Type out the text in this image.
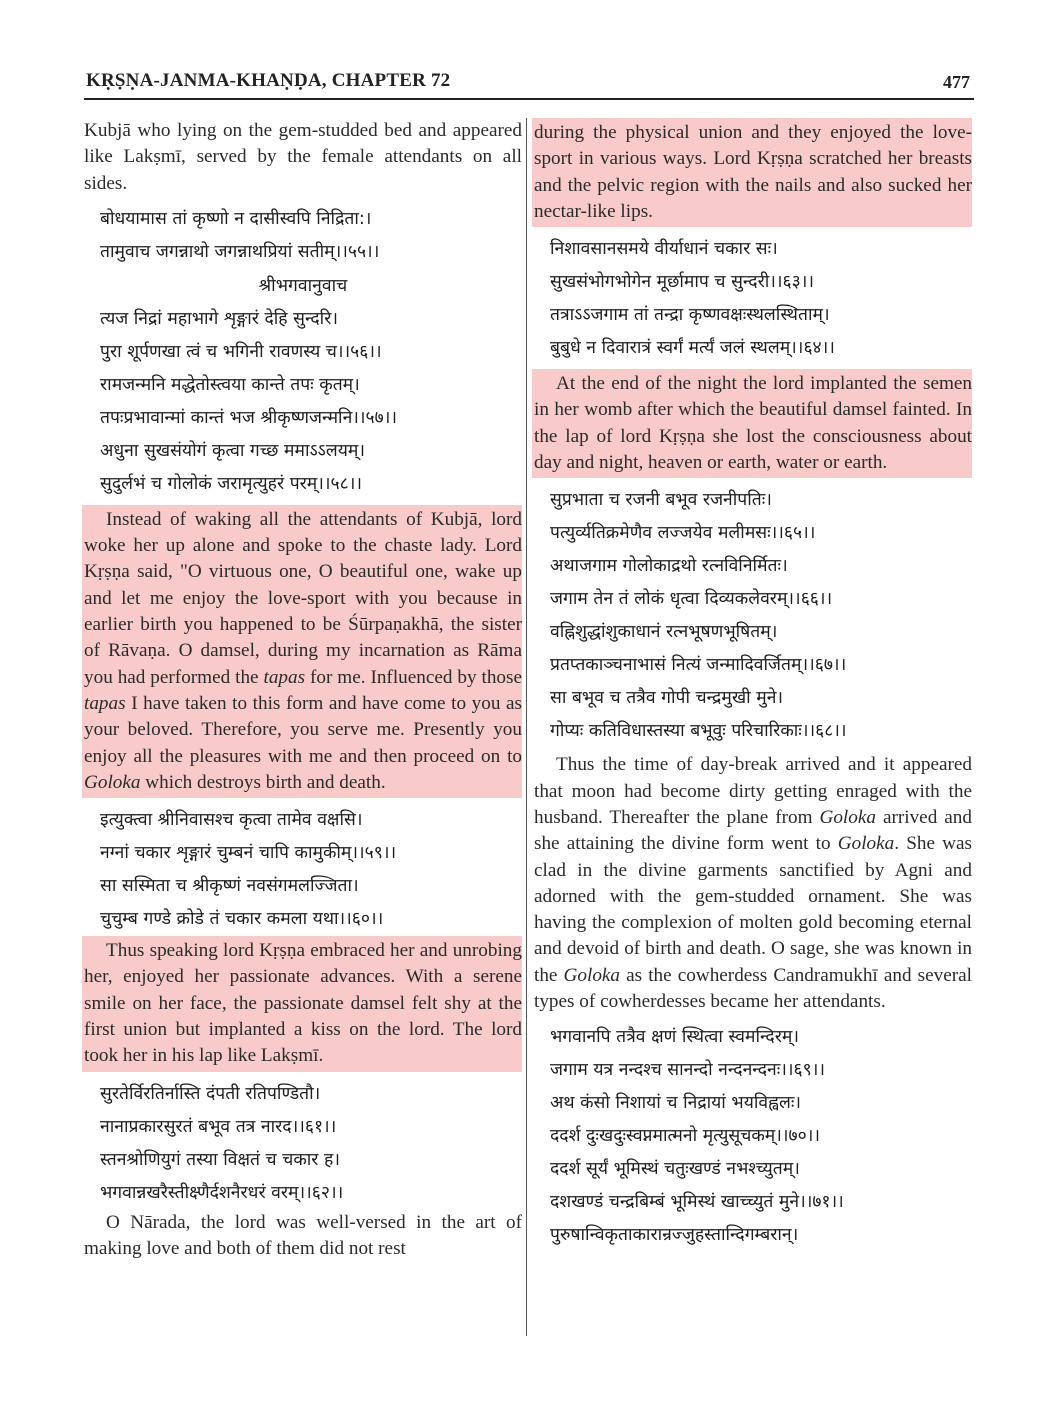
KṚṢṆA-JANMA-KHAṆḌA, CHAPTER 72	477

Kubjā who lying on the gem-studded bed and appeared like Lakṣmī, served by the female attendants on all sides.

बोधयामास तां कृष्णो न दासीस्वपि निद्रिता:।

तामुवाच जगन्नाथो जगन्नाथप्रियां सतीम्।।५५।।

श्रीभगवानुवाच

त्यज निद्रां महाभागे शृङ्गारं देहि सुन्दरि।

पुरा शूर्पणखा त्वं च भगिनी रावणस्य च।।५६।।

रामजन्मनि मद्धेतोस्त्वया कान्ते तपः कृतम्।

तपःप्रभावान्मां कान्तं भज श्रीकृष्णजन्मनि।।५७।।

अधुना सुखसंयोगं कृत्वा गच्छ ममाऽऽलयम्।

सुदुर्लभं च गोलोकं जरामृत्युहरं परम्।।५८।।

Instead of waking all the attendants of Kubjā, lord woke her up alone and spoke to the chaste lady. Lord Kṛṣṇa said, "O virtuous one, O beautiful one, wake up and let me enjoy the love-sport with you because in earlier birth you happened to be Śūrpaṇakhā, the sister of Rāvaṇa. O damsel, during my incarnation as Rāma you had performed the tapas for me. Influenced by those tapas I have taken to this form and have come to you as your beloved. Therefore, you serve me. Presently you enjoy all the pleasures with me and then proceed on to Goloka which destroys birth and death.

इत्युक्त्वा श्रीनिवासश्च कृत्वा तामेव वक्षसि।

नग्नां चकार शृङ्गारं चुम्बनं चापि कामुकीम्।।५९।।

सा सस्मिता च श्रीकृष्णं नवसंगमलज्जिता।

चुचुम्ब गण्डे क्रोडे तं चकार कमला यथा।।६०।।

Thus speaking lord Kṛṣṇa embraced her and unrobing her, enjoyed her passionate advances. With a serene smile on her face, the passionate damsel felt shy at the first union but implanted a kiss on the lord. The lord took her in his lap like Lakṣmī.

सुरतेर्विरतिर्नास्ति दंपती रतिपण्डितौ।

नानाप्रकारसुरतं बभूव तत्र नारद।।६१।।

स्तनश्रोणियुगं तस्या विक्षतं च चकार ह।

भगवान्नखरैस्तीक्ष्णैर्दशनैरधरं वरम्।।६२।।

O Nārada, the lord was well-versed in the art of making love and both of them did not rest

during the physical union and they enjoyed the love-sport in various ways. Lord Kṛṣṇa scratched her breasts and the pelvic region with the nails and also sucked her nectar-like lips.

निशावसानसमये वीर्याधानं चकार सः।

सुखसंभोगभोगेन मूर्छामाप च सुन्दरी।।६३।।

तत्राऽऽजगाम तां तन्द्रा कृष्णवक्षःस्थलस्थिताम्।

बुबुधे न दिवारात्रं स्वर्गं मर्त्यं जलं स्थलम्।।६४।।

At the end of the night the lord implanted the semen in her womb after which the beautiful damsel fainted. In the lap of lord Kṛṣṇa she lost the consciousness about day and night, heaven or earth, water or earth.

सुप्रभाता च रजनी बभूव रजनीपतिः।

पत्युर्व्यतिक्रमेणैव लज्जयेव मलीमसः।।६५।।

अथाजगाम गोलोकाद्रथो रत्नविनिर्मितः।

जगाम तेन तं लोकं धृत्वा दिव्यकलेवरम्।।६६।।

वह्निशुद्धांशुकाधानं रत्नभूषणभूषितम्।

प्रतप्तकाञ्चनाभासं नित्यं जन्मादिवर्जितम्।।६७।।

सा बभूव च तत्रैव गोपी चन्द्रमुखी मुने।

गोप्यः कतिविधास्तस्या बभूवुः परिचारिकाः।।६८।।

Thus the time of day-break arrived and it appeared that moon had become dirty getting enraged with the husband. Thereafter the plane from Goloka arrived and she attaining the divine form went to Goloka. She was clad in the divine garments sanctified by Agni and adorned with the gem-studded ornament. She was having the complexion of molten gold becoming eternal and devoid of birth and death. O sage, she was known in the Goloka as the cowherdess Candramukhī and several types of cowherdesses became her attendants.

भगवानपि तत्रैव क्षणं स्थित्वा स्वमन्दिरम्।

जगाम यत्र नन्दश्च सानन्दो नन्दनन्दनः।।६९।।

अथ कंसो निशायां च निद्रायां भयविह्वलः।

ददर्श दुःखदुःस्वप्नमात्मनो मृत्युसूचकम्।।७०।।

ददर्श सूर्यं भूमिस्थं चतुःखण्डं नभश्च्युतम्।

दशखण्डं चन्द्रबिम्बं भूमिस्थं खाच्च्युतं मुने।।७१।।

पुरुषान्विकृताकारान्रज्जुहस्तान्दिगम्बरान्।
